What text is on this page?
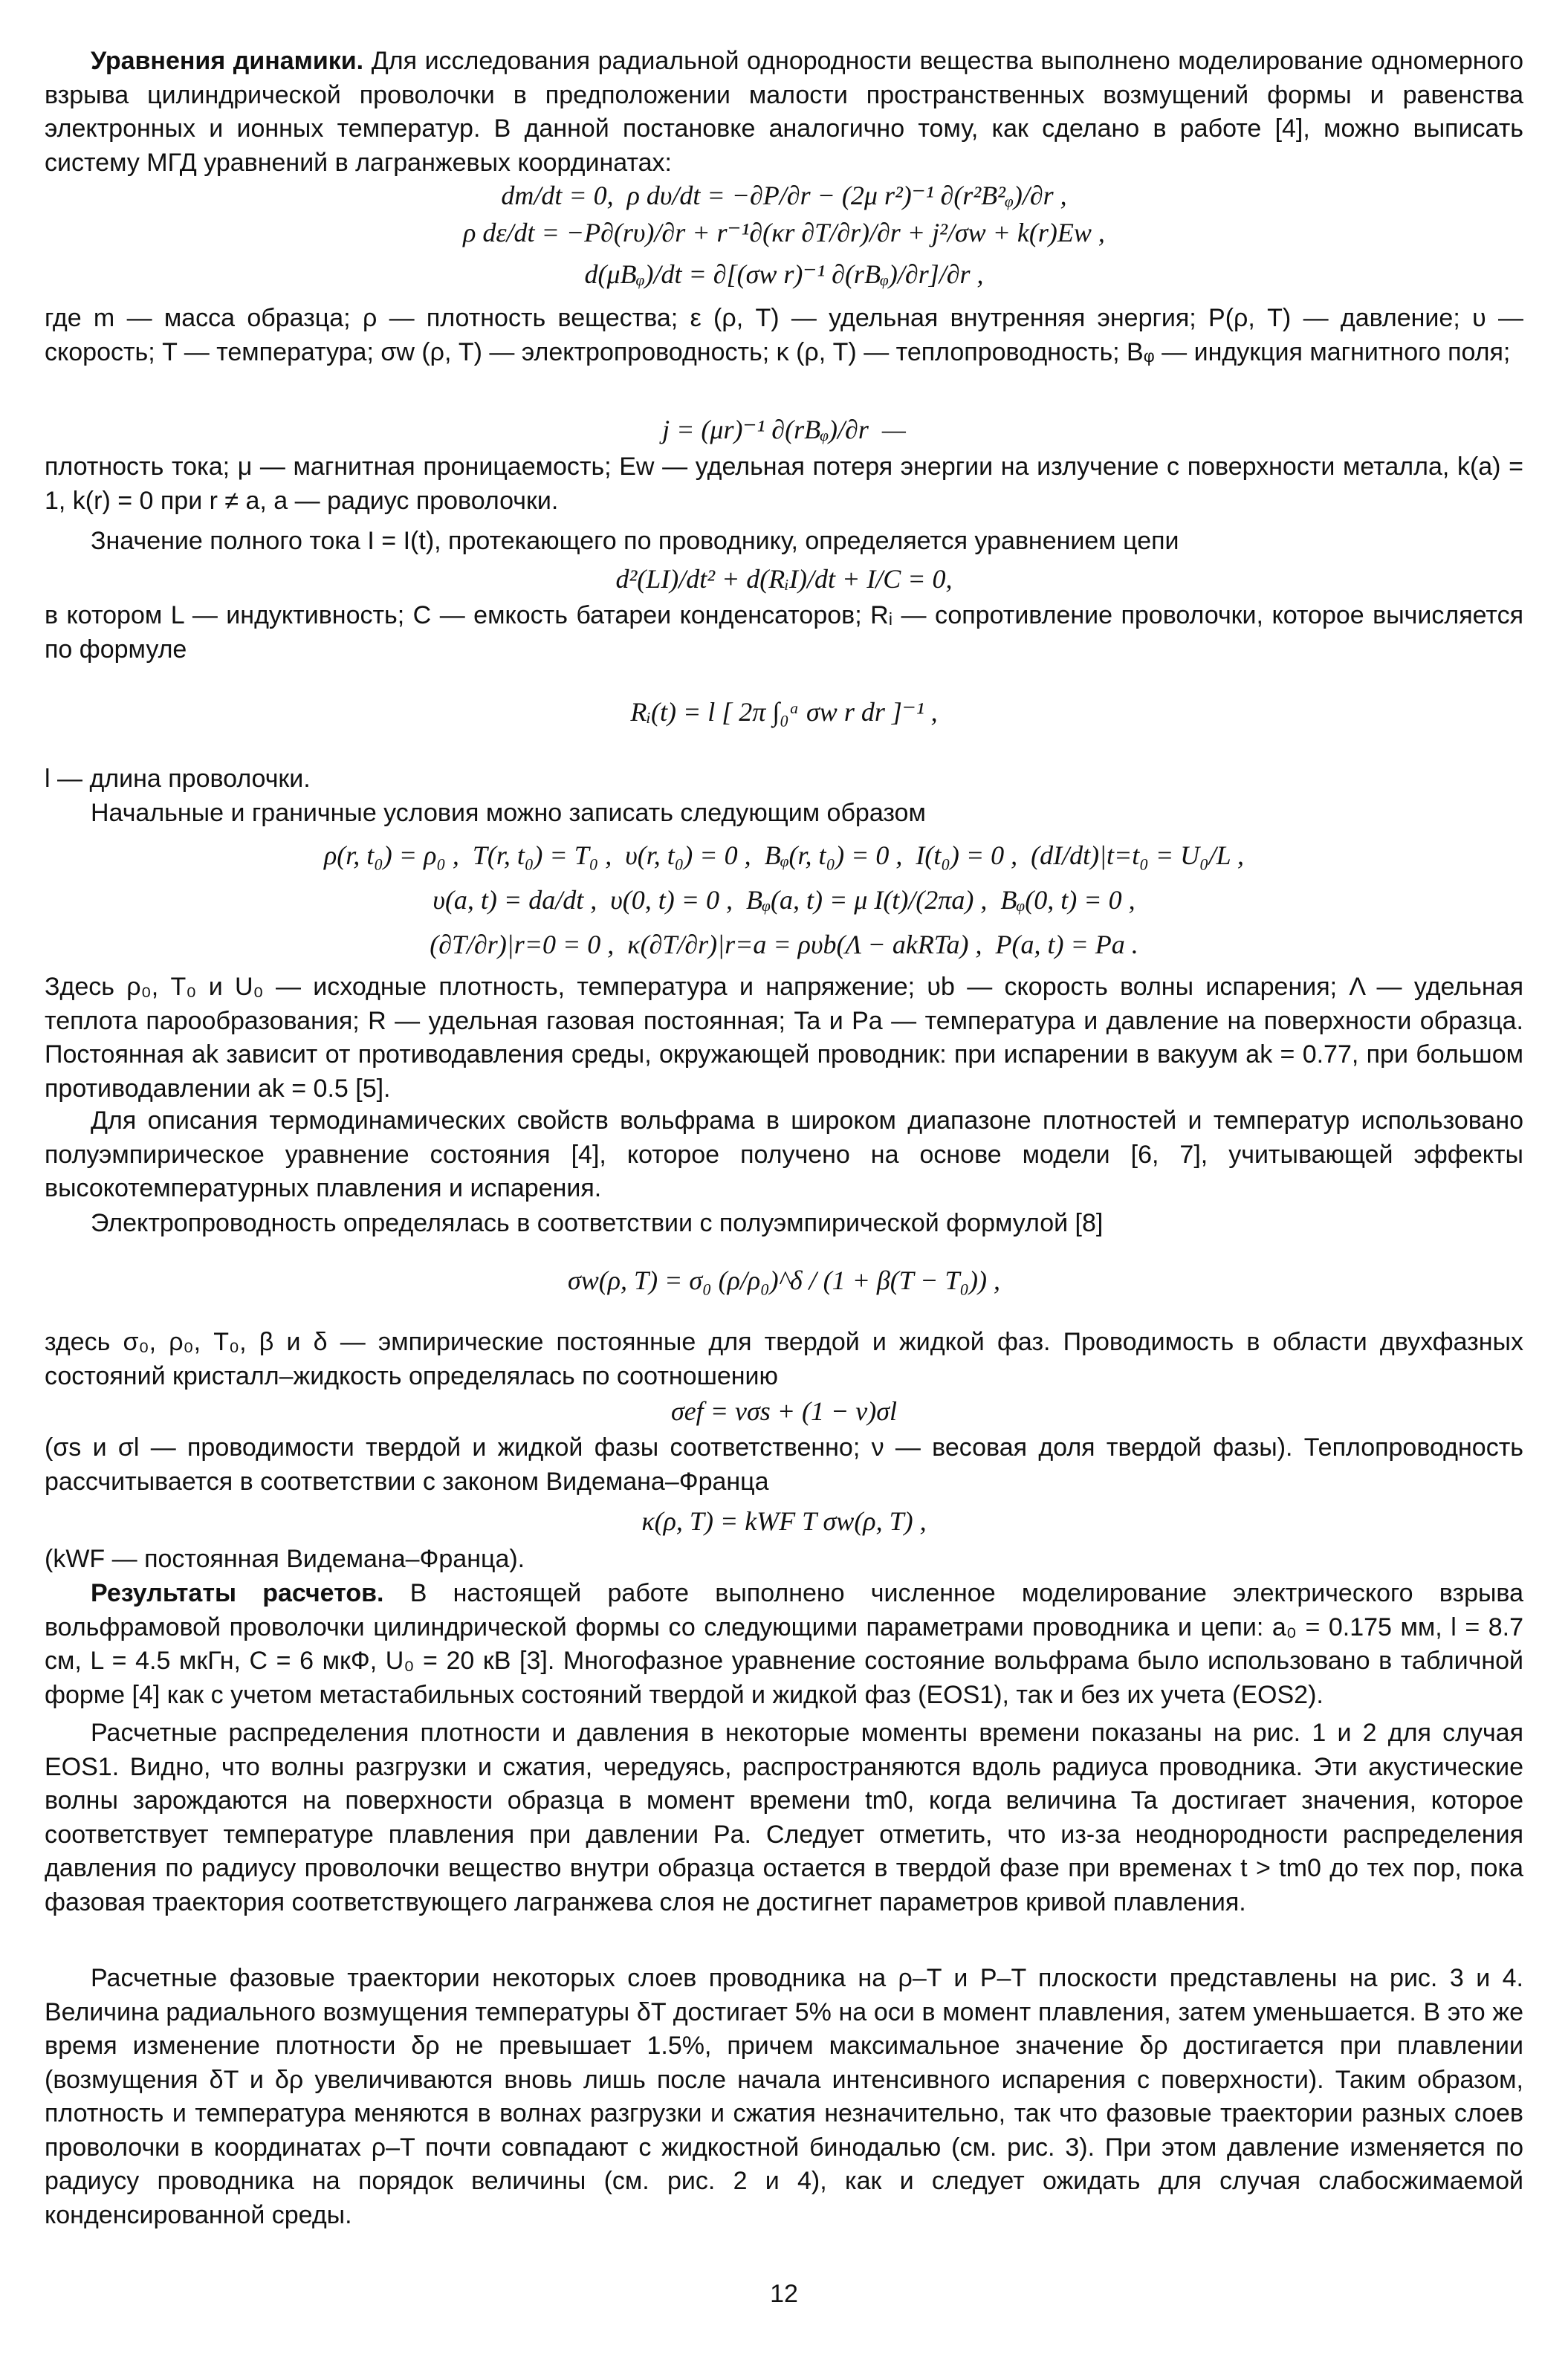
Уравнения динамики. Для исследования радиальной однородности вещества выполнено моделирование одномерного взрыва цилиндрической проволочки в предположении малости пространственных возмущений формы и равенства электронных и ионных температур. В данной постановке аналогично тому, как сделано в работе [4], можно выписать систему МГД уравнений в лагранжевых координатах:

dm/dt = 0,  ρ dυ/dt = −∂P/∂r − (2μ r²)⁻¹ ∂(r²B²ᵩ)/∂r ,
ρ dε/dt = −P∂(rυ)/∂r + r⁻¹∂(κr ∂T/∂r)/∂r + j²/σw + k(r)Ew ,
d(μBᵩ)/dt = ∂[(σw r)⁻¹ ∂(rBᵩ)/∂r]/∂r ,

где m — масса образца; ρ — плотность вещества; ε (ρ, T) — удельная внутренняя энергия; P(ρ, T) — давление; υ — скорость; T — температура; σw (ρ, T) — электропроводность; κ (ρ, T) — теплопроводность; Bᵩ — индукция магнитного поля;

j = (μr)⁻¹ ∂(rBᵩ)/∂r  —

плотность тока; μ — магнитная проницаемость; Ew — удельная потеря энергии на излучение с поверхности металла, k(a) = 1, k(r) = 0 при r ≠ a, a — радиус проволочки.

Значение полного тока I = I(t), протекающего по проводнику, определяется уравнением цепи

d²(LI)/dt² + d(RᵢI)/dt + I/C = 0,

в котором L — индуктивность; C — емкость батареи конденсаторов; Rᵢ — сопротивление проволочки, которое вычисляется по формуле

Rᵢ(t) = l [ 2π ∫₀ᵃ σw r dr ]⁻¹ ,

l — длина проволочки.

Начальные и граничные условия можно записать следующим образом

ρ(r, t₀) = ρ₀ ,  T(r, t₀) = T₀ ,  υ(r, t₀) = 0 ,  Bᵩ(r, t₀) = 0 ,  I(t₀) = 0 ,  (dI/dt)|t=t₀ = U₀/L ,
υ(a, t) = da/dt ,  υ(0, t) = 0 ,  Bᵩ(a, t) = μ I(t)/(2πa) ,  Bᵩ(0, t) = 0 ,
(∂T/∂r)|r=0 = 0 ,  κ(∂T/∂r)|r=a = ρυb(Λ − akRTa) ,  P(a, t) = Pa .

Здесь ρ₀, T₀ и U₀ — исходные плотность, температура и напряжение; υb — скорость волны испарения; Λ — удельная теплота парообразования; R — удельная газовая постоянная; Ta и Pa — температура и давление на поверхности образца. Постоянная ak зависит от противодавления среды, окружающей проводник: при испарении в вакуум ak = 0.77, при большом противодавлении ak = 0.5 [5].

Для описания термодинамических свойств вольфрама в широком диапазоне плотностей и температур использовано полуэмпирическое уравнение состояния [4], которое получено на основе модели [6, 7], учитывающей эффекты высокотемпературных плавления и испарения.

Электропроводность определялась в соответствии с полуэмпирической формулой [8]

σw(ρ, T) = σ₀ (ρ/ρ₀)^δ / (1 + β(T − T₀)) ,

здесь σ₀, ρ₀, T₀, β и δ — эмпирические постоянные для твердой и жидкой фаз. Проводимость в области двухфазных состояний кристалл–жидкость определялась по соотношению

σef = νσs + (1 − ν)σl

(σs и σl — проводимости твердой и жидкой фазы соответственно; ν — весовая доля твердой фазы). Теплопроводность рассчитывается в соответствии с законом Видемана–Франца

κ(ρ, T) = kWF T σw(ρ, T) ,

(kWF — постоянная Видемана–Франца).

Результаты расчетов. В настоящей работе выполнено численное моделирование электрического взрыва вольфрамовой проволочки цилиндрической формы со следующими параметрами проводника и цепи: a₀ = 0.175 мм, l = 8.7 см, L = 4.5 мкГн, C = 6 мкФ, U₀ = 20 кВ [3]. Многофазное уравнение состояние вольфрама было использовано в табличной форме [4] как с учетом метастабильных состояний твердой и жидкой фаз (EOS1), так и без их учета (EOS2).

Расчетные распределения плотности и давления в некоторые моменты времени показаны на рис. 1 и 2 для случая EOS1. Видно, что волны разгрузки и сжатия, чередуясь, распространяются вдоль радиуса проводника. Эти акустические волны зарождаются на поверхности образца в момент времени tm0, когда величина Ta достигает значения, которое соответствует температуре плавления при давлении Pa. Следует отметить, что из-за неоднородности распределения давления по радиусу проволочки вещество внутри образца остается в твердой фазе при временах t > tm0 до тех пор, пока фазовая траектория соответствующего лагранжева слоя не достигнет параметров кривой плавления.

Расчетные фазовые траектории некоторых слоев проводника на ρ–T и P–T плоскости представлены на рис. 3 и 4. Величина радиального возмущения температуры δT достигает 5% на оси в момент плавления, затем уменьшается. В это же время изменение плотности δρ не превышает 1.5%, причем максимальное значение δρ достигается при плавлении (возмущения δT и δρ увеличиваются вновь лишь после начала интенсивного испарения с поверхности). Таким образом, плотность и температура меняются в волнах разгрузки и сжатия незначительно, так что фазовые траектории разных слоев проволочки в координатах ρ–T почти совпадают с жидкостной бинодалью (см. рис. 3). При этом давление изменяется по радиусу проводника на порядок величины (см. рис. 2 и 4), как и следует ожидать для случая слабосжимаемой конденсированной среды.

12
